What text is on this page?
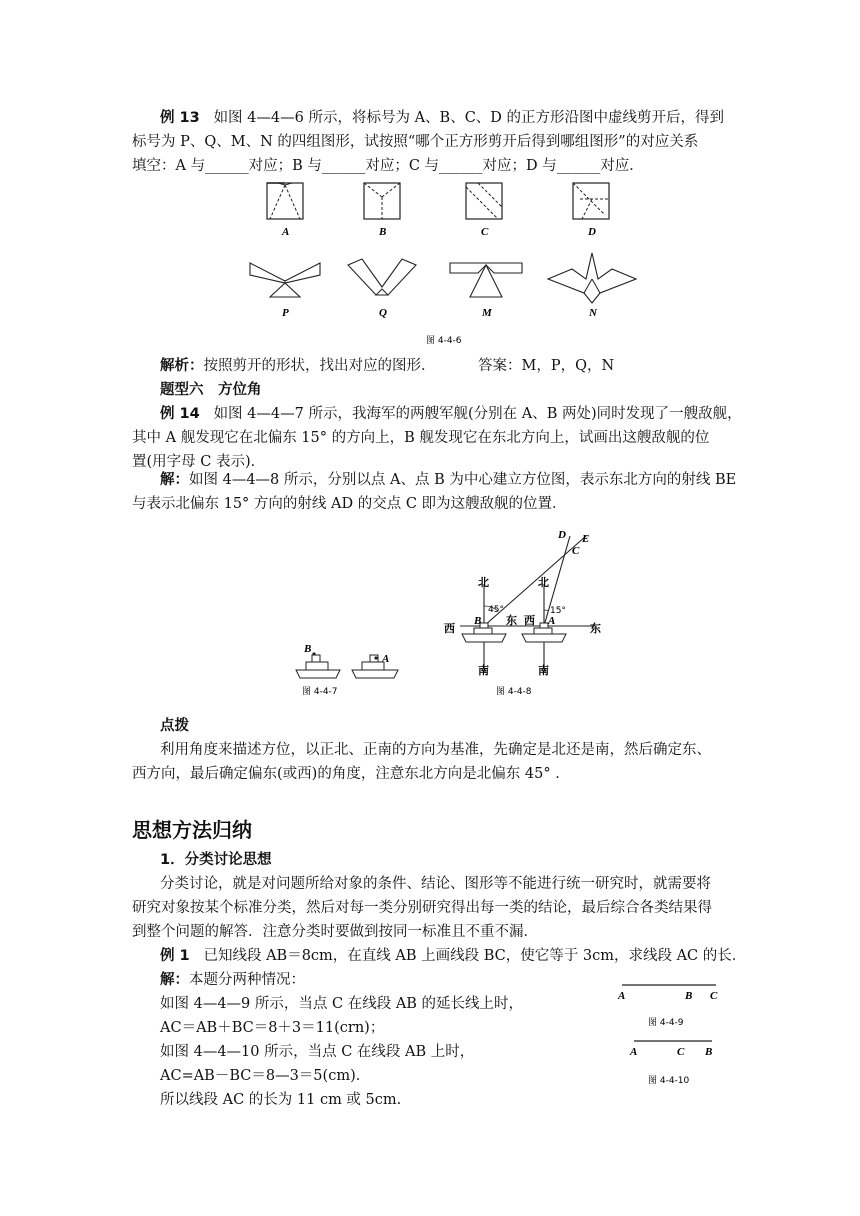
例 13 如图 4—4—6 所示，将标号为 A、B、C、D 的正方形沿图中虚线剪开后，得到
标号为 P、Q、M、N 的四组图形，试按照“哪个正方形剪开后得到哪组图形”的对应关系
填空：A 与______对应；B 与______对应；C 与______对应；D 与______对应．
A	B	C	D
P	Q	M	N
图 4-4-6
解析：按照剪开的形状，找出对应的图形．	答案：M，P，Q，N
题型六　方位角
例 14 如图 4—4—7 所示，我海军的两艘军舰(分别在 A、B 两处)同时发现了一艘敌舰，
其中 A 舰发现它在北偏东 15° 的方向上，B 舰发现它在东北方向上，试画出这艘敌舰的位
置(用字母 C 表示)．
解：如图 4—4—8 所示，分别以点 A、点 B 为中心建立方位图，表示东北方向的射线 BE
与表示北偏东 15° 方向的射线 AD 的交点 C 即为这艘敌舰的位置．
B
A
图 4-4-7
北	北
西
东 西
东
南	南
45°	15°
B	A
C
D E
图 4-4-8
点拨
利用角度来描述方位，以正北、正南的方向为基准，先确定是北还是南，然后确定东、
西方向，最后确定偏东(或西)的角度，注意东北方向是北偏东 45° ．
思想方法归纳
1．分类讨论思想
分类讨论，就是对问题所给对象的条件、结论、图形等不能进行统一研究时，就需要将
研究对象按某个标准分类，然后对每一类分别研究得出每一类的结论，最后综合各类结果得
到整个问题的解答．注意分类时要做到按同一标准且不重不漏．
例 1 已知线段 AB＝8cm，在直线 AB 上画线段 BC，使它等于 3cm，求线段 AC 的长．
解：本题分两种情况：
如图 4—4—9 所示，当点 C 在线段 AB 的延长线上时，
AC＝AB＋BC＝8＋3＝11(crn)；
如图 4—4—10 所示，当点 C 在线段 AB 上时，
AC=AB－BC＝8—3＝5(cm)．
所以线段 AC 的长为 11 cm 或 5cm.
A	B C
图 4-4-9
A	C B
图 4-4-10
